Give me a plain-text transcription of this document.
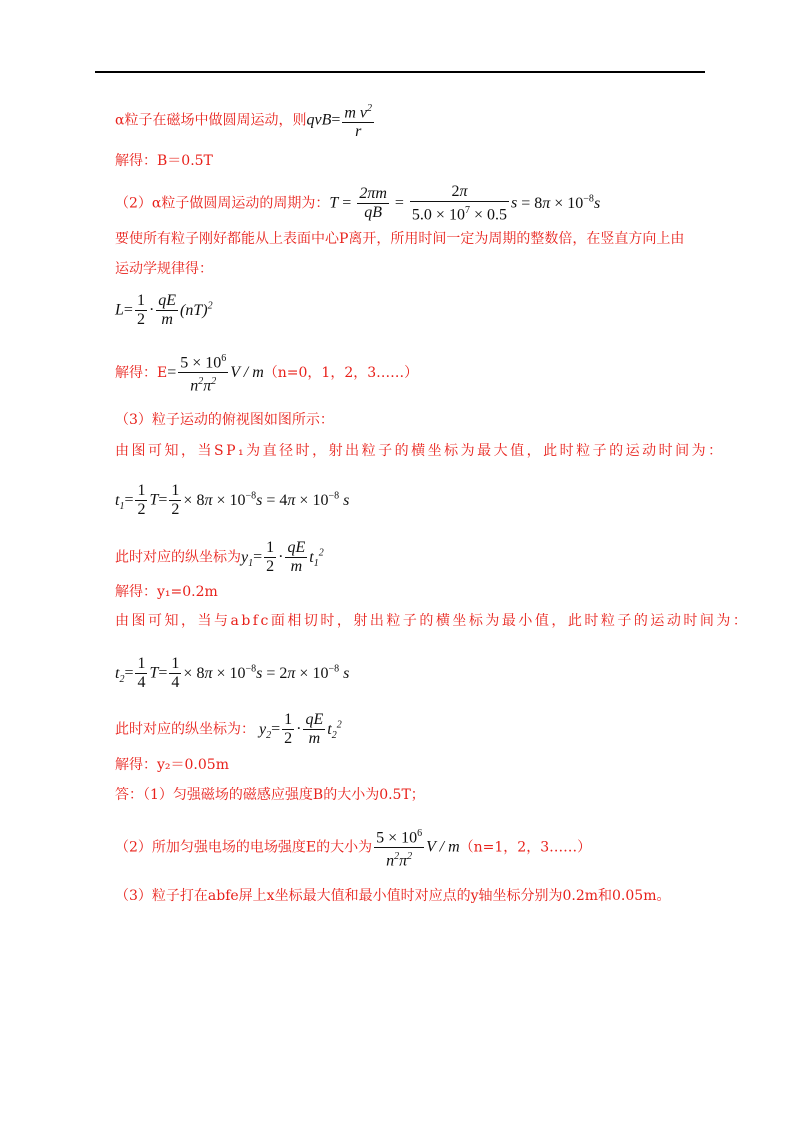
α粒子在磁场中做圆周运动，则$qvB= \frac{m v^2}{r}$
解得：B＝0.5T
（2）α粒子做圆周运动的周期为：$T = \frac{2\pi m}{qB} = \frac{2\pi}{5.0 \times 10^7 \times 0.5}$ $s = 8\pi \times 10^{-8}s$
要使所有粒子刚好都能从上表面中心P离开，所用时间一定为周期的整数倍，在竖直方向上由
运动学规律得：
$L= \frac{1}{2} \cdot \frac{qE}{m} (nT)^2$
解得：$E= \frac{5 \times 10^6}{n^2\pi^2}$ V / m（n=0，1，2，3……）
（3）粒子运动的俯视图如图所示：
由图可知，当SP₁为直径时，射出粒子的横坐标为最大值，此时粒子的运动时间为：
$t_1= \frac{1}{2} T= \frac{1}{2} \times 8\pi \times 10^{-8}s = 4\pi \times 10^{-8}$ s
此时对应的纵坐标为$y_1= \frac{1}{2} \cdot \frac{qE}{m} t_1^2$
解得：y₁=0.2m
由图可知，当与abfc面相切时，射出粒子的横坐标为最小值，此时粒子的运动时间为：
$t_2= \frac{1}{4} T= \frac{1}{4} \times 8\pi \times 10^{-8}s = 2\pi \times 10^{-8}$ s
此时对应的纵坐标为： $y_2= \frac{1}{2} \cdot \frac{qE}{m} t_2^2$
解得：y₂＝0.05m
答：（1）匀强磁场的磁感应强度B的大小为0.5T；
（2）所加匀强电场的电场强度E的大小为 $\frac{5 \times 10^6}{n^2\pi^2}$ V / m（n=1，2，3……）
（3）粒子打在abfe屏上x坐标最大值和最小值时对应点的y轴坐标分别为0.2m和0.05m。
